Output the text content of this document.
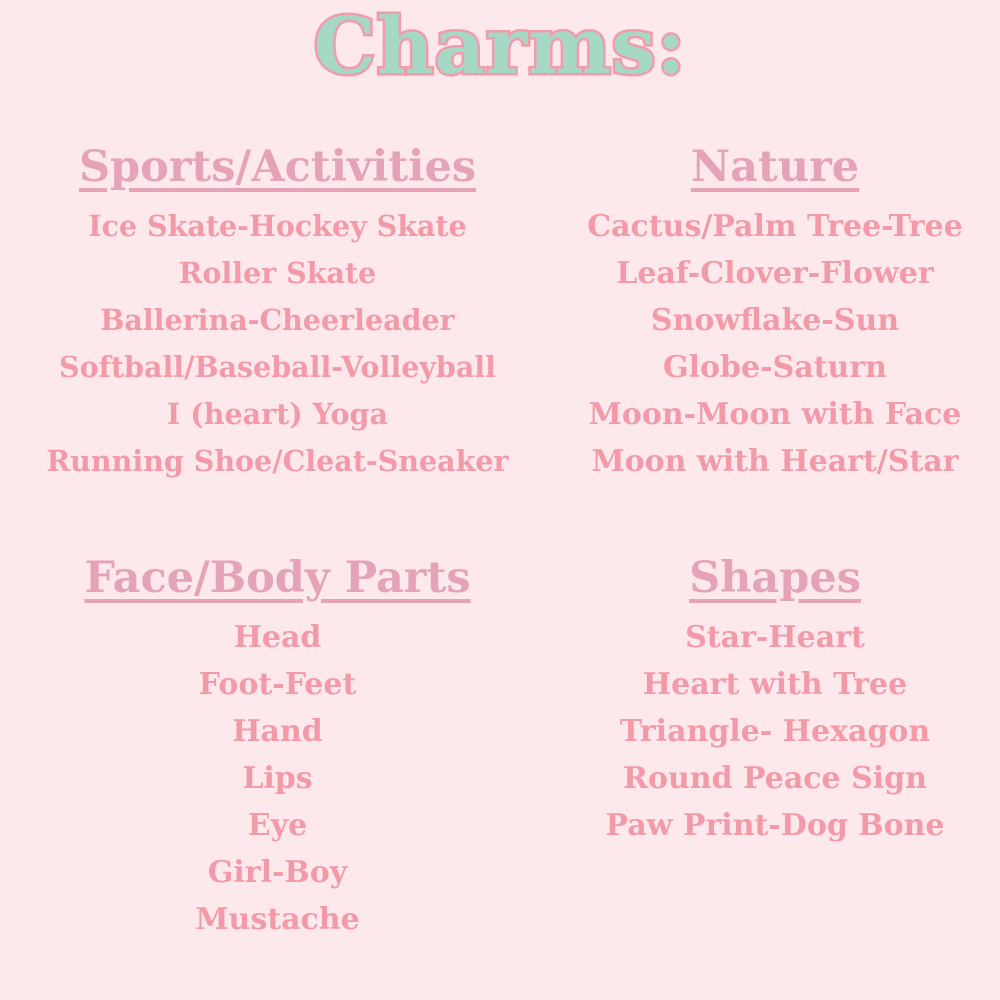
Charms:
Sports/Activities
Ice Skate-Hockey Skate
Roller Skate
Ballerina-Cheerleader
Softball/Baseball-Volleyball
I (heart) Yoga
Running Shoe/Cleat-Sneaker
Nature
Cactus/Palm Tree-Tree
Leaf-Clover-Flower
Snowflake-Sun
Globe-Saturn
Moon-Moon with Face
Moon with Heart/Star
Face/Body Parts
Head
Foot-Feet
Hand
Lips
Eye
Girl-Boy
Mustache
Shapes
Star-Heart
Heart with Tree
Triangle- Hexagon
Round Peace Sign
Paw Print-Dog Bone
